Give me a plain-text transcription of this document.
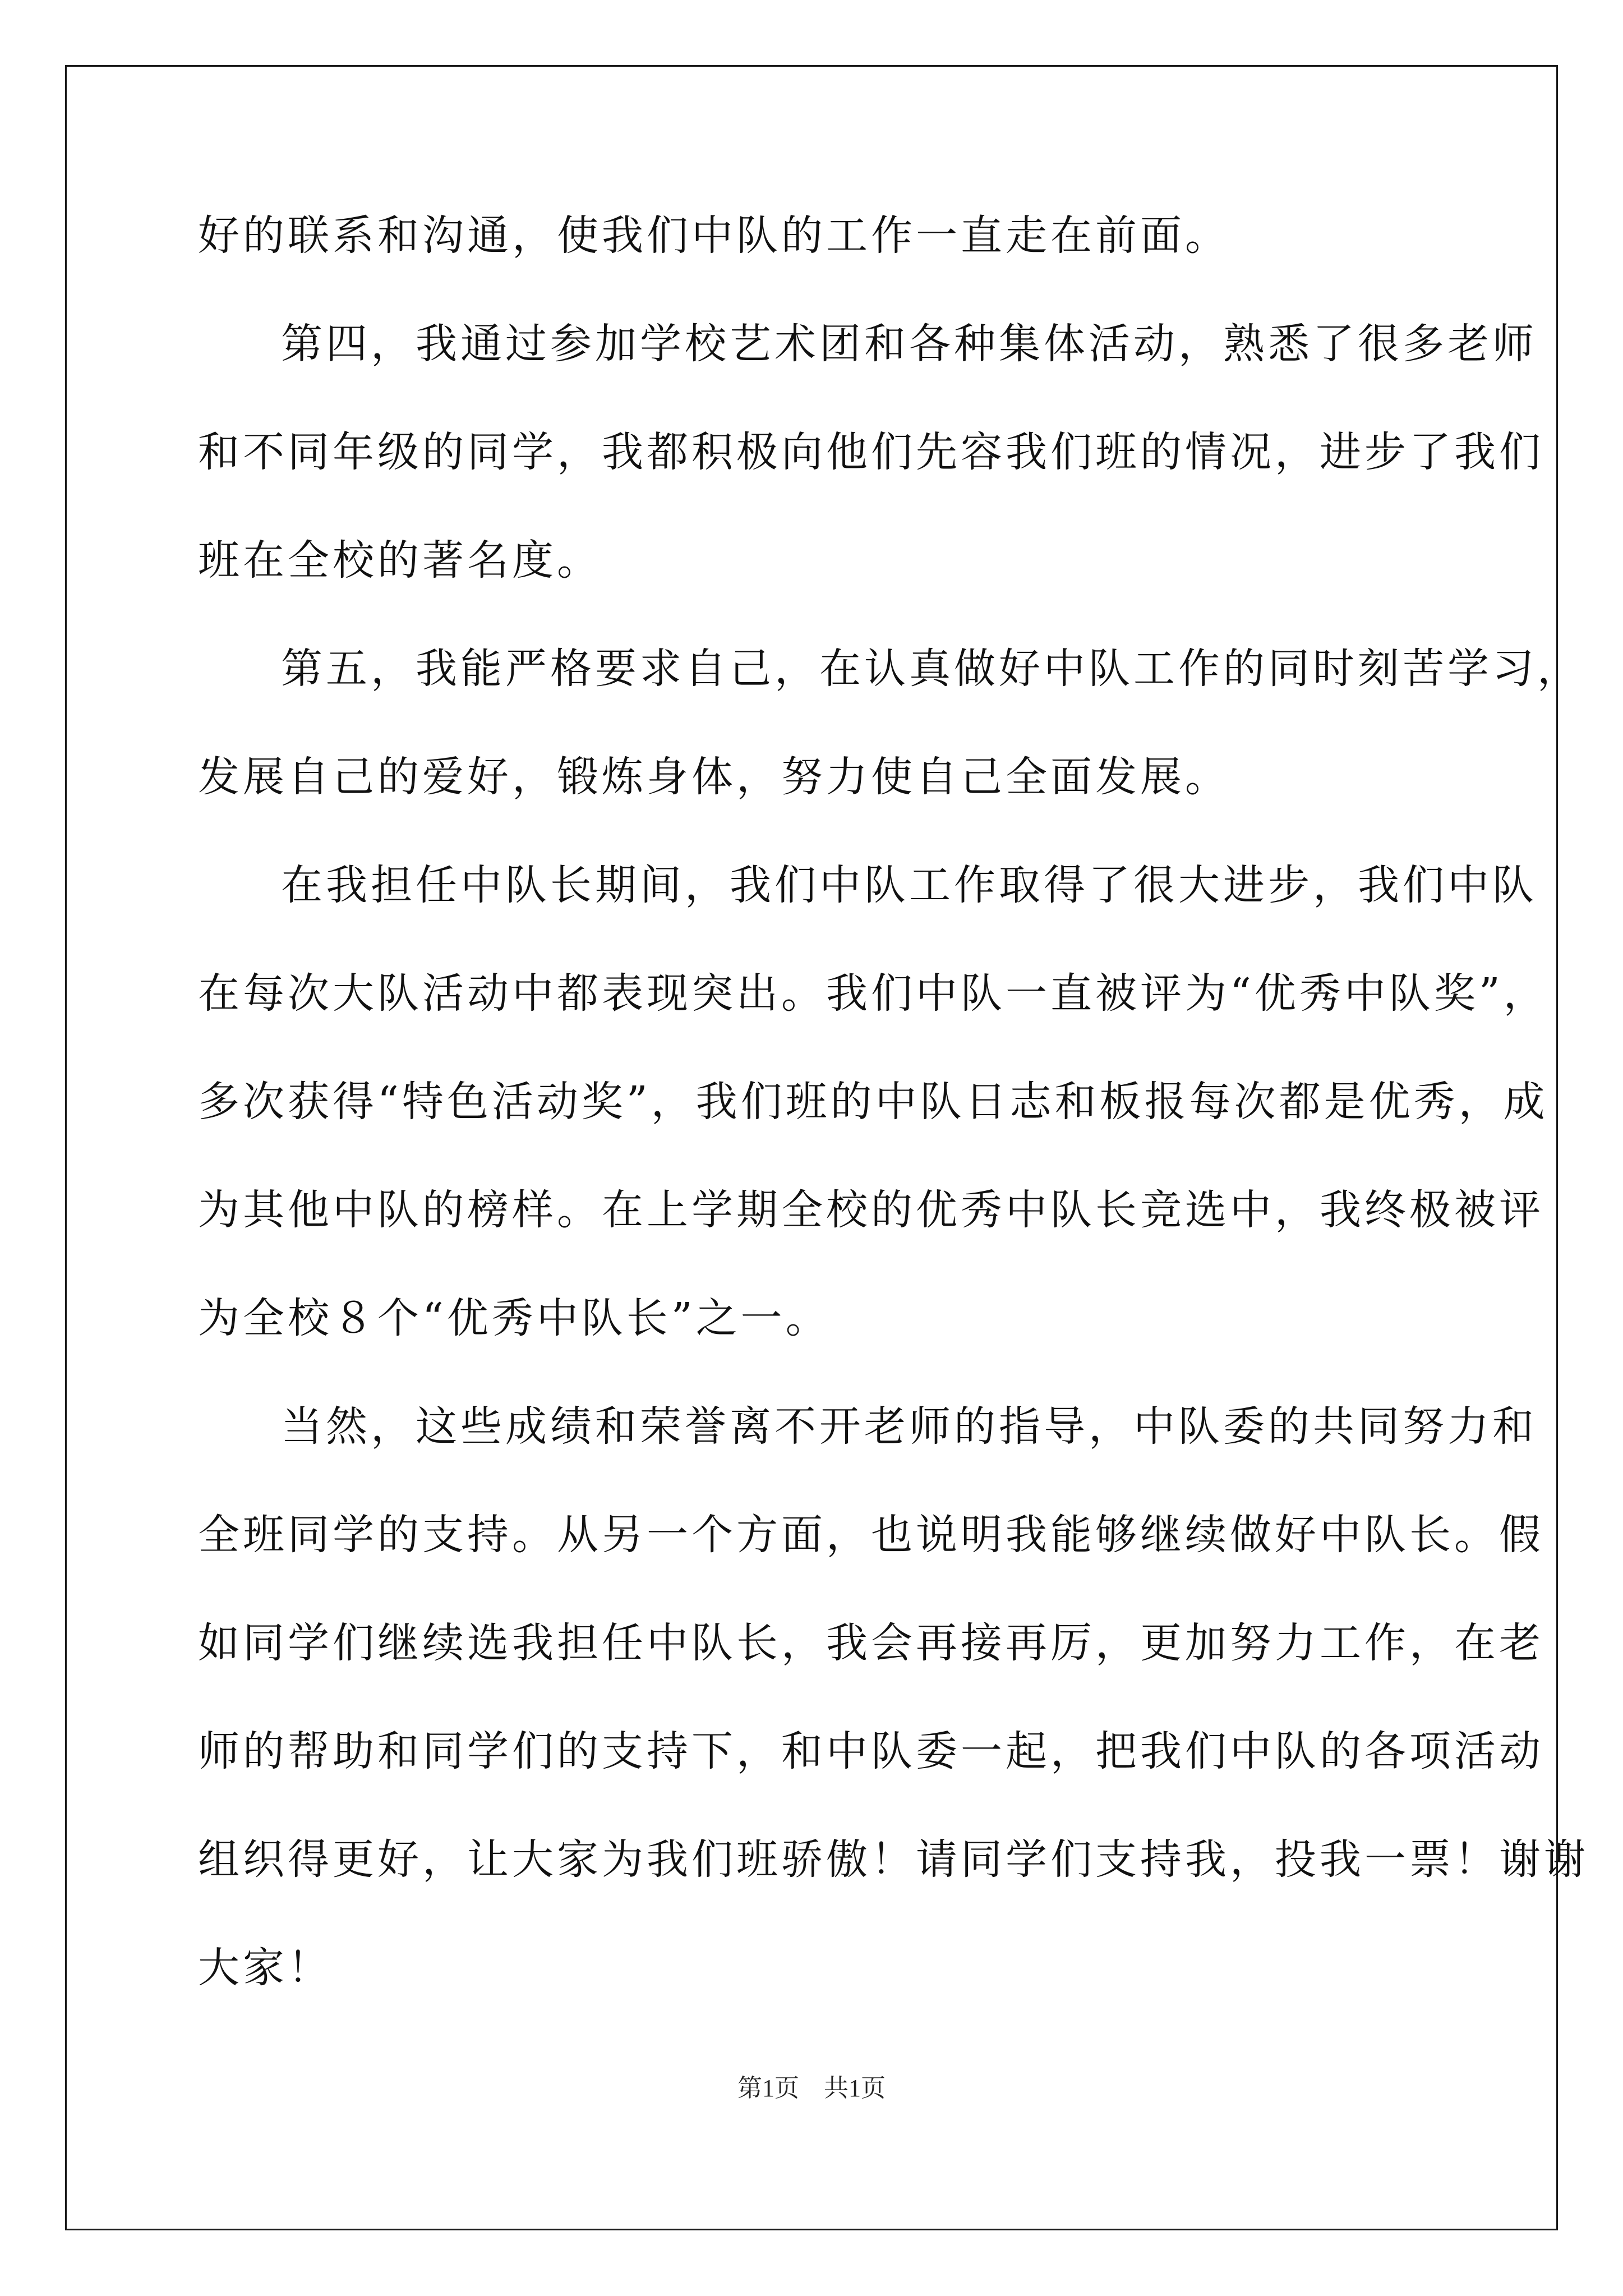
好的联系和沟通，使我们中队的工作一直走在前面。
第四，我通过参加学校艺术团和各种集体活动，熟悉了很多老师
和不同年级的同学，我都积极向他们先容我们班的情况，进步了我们
班在全校的著名度。
第五，我能严格要求自己，在认真做好中队工作的同时刻苦学习，
发展自己的爱好，锻炼身体，努力使自己全面发展。
在我担任中队长期间，我们中队工作取得了很大进步，我们中队
在每次大队活动中都表现突出。我们中队一直被评为“优秀中队奖”，
多次获得“特色活动奖”，我们班的中队日志和板报每次都是优秀，成
为其他中队的榜样。在上学期全校的优秀中队长竞选中，我终极被评
为全校８个“优秀中队长”之一。
当然，这些成绩和荣誉离不开老师的指导，中队委的共同努力和
全班同学的支持。从另一个方面，也说明我能够继续做好中队长。假
如同学们继续选我担任中队长，我会再接再厉，更加努力工作，在老
师的帮助和同学们的支持下，和中队委一起，把我们中队的各项活动
组织得更好，让大家为我们班骄傲！请同学们支持我，投我一票！谢谢
大家！
第1页 共1页
